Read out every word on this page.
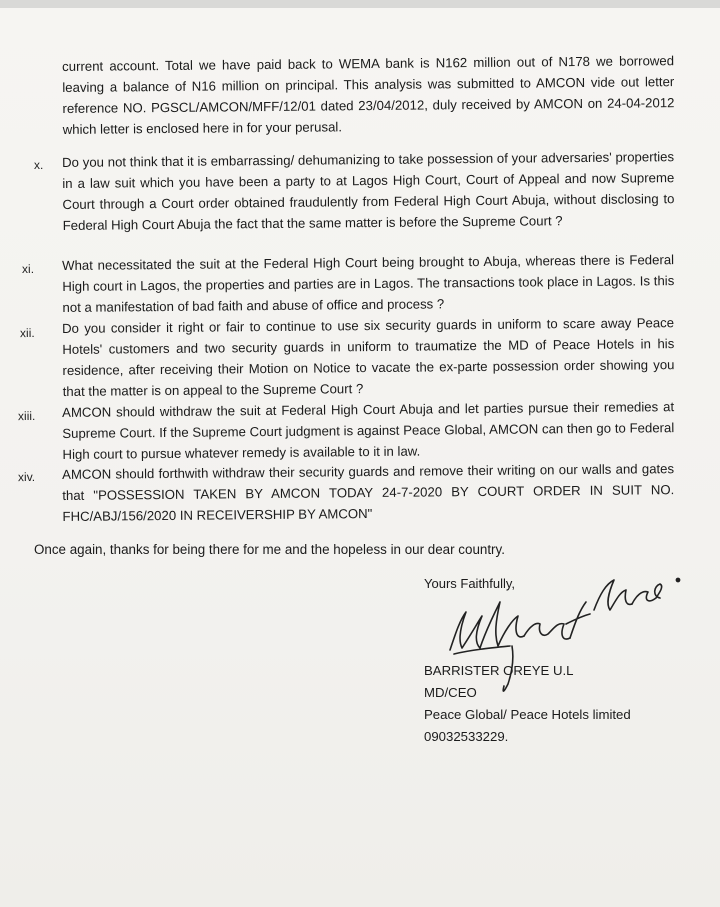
current account. Total we have paid back to WEMA bank is N162 million out of N178 we borrowed leaving a balance of N16 million on principal. This analysis was submitted to AMCON vide out letter reference NO. PGSCL/AMCON/MFF/12/01 dated 23/04/2012, duly received by AMCON on 24-04-2012 which letter is enclosed here in for your perusal.
x. Do you not think that it is embarrassing/ dehumanizing to take possession of your adversaries' properties in a law suit which you have been a party to at Lagos High Court, Court of Appeal and now Supreme Court through a Court order obtained fraudulently from Federal High Court Abuja, without disclosing to Federal High Court Abuja the fact that the same matter is before the Supreme Court ?
xi. What necessitated the suit at the Federal High Court being brought to Abuja, whereas there is Federal High court in Lagos, the properties and parties are in Lagos. The transactions took place in Lagos. Is this not a manifestation of bad faith and abuse of office and process ?
xii. Do you consider it right or fair to continue to use six security guards in uniform to scare away Peace Hotels' customers and two security guards in uniform to traumatize the MD of Peace Hotels in his residence, after receiving their Motion on Notice to vacate the ex-parte possession order showing you that the matter is on appeal to the Supreme Court ?
xiii. AMCON should withdraw the suit at Federal High Court Abuja and let parties pursue their remedies at Supreme Court. If the Supreme Court judgment is against Peace Global, AMCON can then go to Federal High court to pursue whatever remedy is available to it in law.
xiv. AMCON should forthwith withdraw their security guards and remove their writing on our walls and gates that "POSSESSION TAKEN BY AMCON TODAY 24-7-2020 BY COURT ORDER IN SUIT NO. FHC/ABJ/156/2020 IN RECEIVERSHIP BY AMCON"
Once again, thanks for being there for me and the hopeless in our dear country.
Yours Faithfully,
BARRISTER OREYE U.L
MD/CEO
Peace Global/ Peace Hotels limited
09032533229.
